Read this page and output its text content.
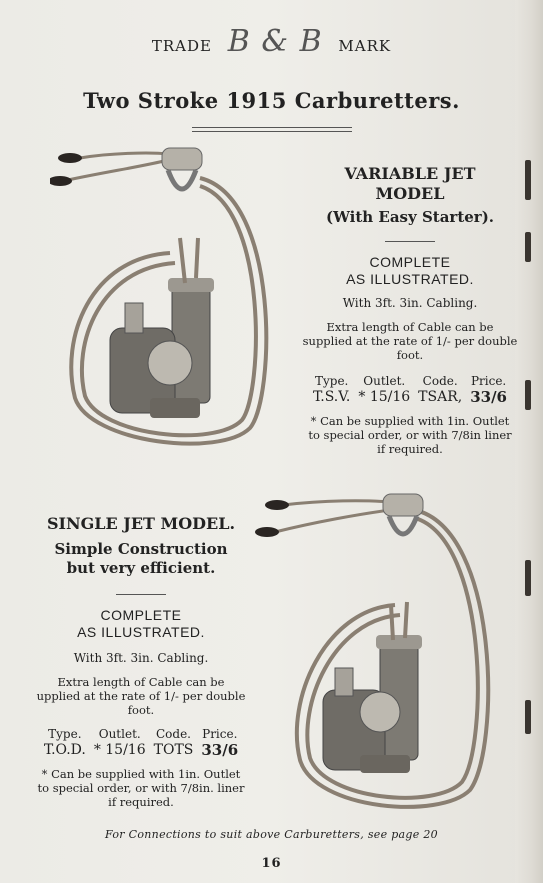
TRADE B & B MARK
Two Stroke 1915 Carburetters.
VARIABLE JET
MODEL
(With Easy Starter).
COMPLETE
AS ILLUSTRATED.
With 3ft. 3in. Cabling.
Extra length of Cable can be
supplied at the rate of 1/- per double
foot.
Type.	Outlet.	Code.	Price.
T.S.V.	* 15/16	TSAR,	33/6
* Can be supplied with 1in. Outlet
to special order, or with 7/8in liner
if required.
SINGLE JET MODEL.
Simple Construction
but very efficient.
COMPLETE
AS ILLUSTRATED.
With 3ft. 3in. Cabling.
Extra length of Cable can be
upplied at the rate of 1/- per double
foot.
Type.	Outlet.	Code.	Price.
T.O.D.	* 15/16	TOTS	33/6
* Can be supplied with 1in. Outlet
to special order, or with 7/8in. liner
if required.
For Connections to suit above Carburetters, see page 20
16
